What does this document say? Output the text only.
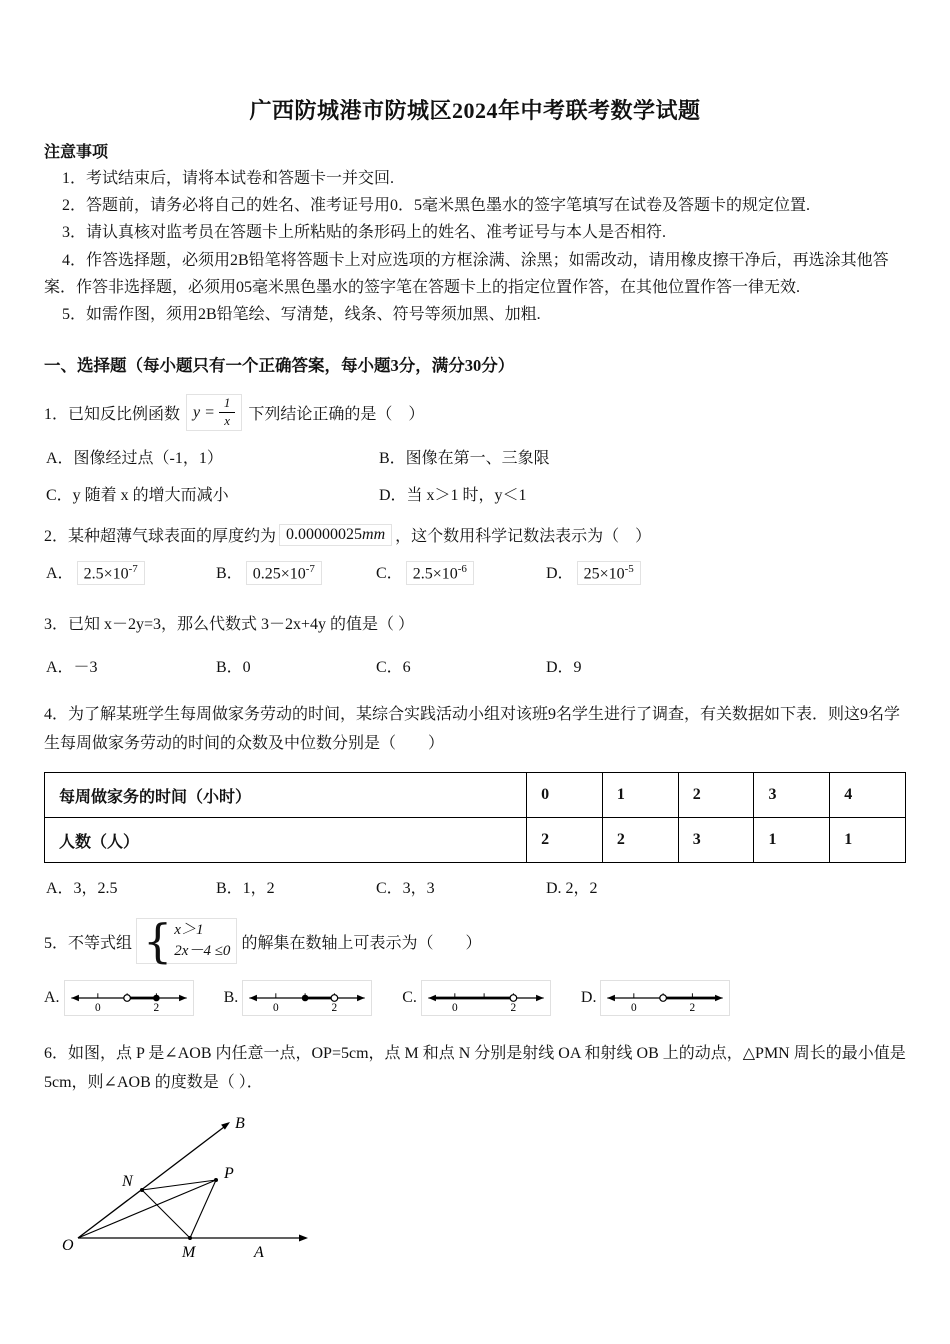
广西防城港市防城区2024年中考联考数学试题
注意事项

1．考试结束后，请将本试卷和答题卡一并交回.

2．答题前，请务必将自己的姓名、准考证号用0．5毫米黑色墨水的签字笔填写在试卷及答题卡的规定位置.

3．请认真核对监考员在答题卡上所粘贴的条形码上的姓名、准考证号与本人是否相符.

4．作答选择题，必须用2B铅笔将答题卡上对应选项的方框涂满、涂黑；如需改动，请用橡皮擦干净后，再选涂其他答案．作答非选择题，必须用05毫米黑色墨水的签字笔在答题卡上的指定位置作答，在其他位置作答一律无效.

5．如需作图，须用2B铅笔绘、写清楚，线条、符号等须加黑、加粗.

一、选择题（每小题只有一个正确答案，每小题3分，满分30分）

1．已知反比例函数 $y = \frac{1}{x}$ 下列结论正确的是（　）
A．图像经过点（-1，1）	B．图像在第一、三象限
C．y 随着 x 的增大而减小	D．当 x＞1 时，y＜1
2．某种超薄气球表面的厚度约为 0.00000025mm ，这个数用科学记数法表示为（　）
A． $2.5\times 10^{-7}$	B． $0.25\times 10^{-7}$	C． $2.5\times 10^{-6}$	D． $25\times 10^{-5}$

3．已知 x－2y=3，那么代数式 3－2x+4y 的值是（ ）

A．－3	B．0	C．6	D．9

4．为了解某班学生每周做家务劳动的时间，某综合实践活动小组对该班9名学生进行了调查，有关数据如下表．则这9名学生每周做家务劳动的时间的众数及中位数分别是（　　）

每周做家务的时间（小时）	0	1	2	3	4
人数（人）	2	2	3	1	1
A．3，2.5	B．1，2	C．3，3	D. 2，2
5．不等式组 { x＞1
2x－4 ≤0 的解集在数轴上可表示为（　　）
A.
0	2
B.
0	2
C.
0	2
D.
0	2

6．如图，点 P 是∠AOB 内任意一点，OP=5cm，点 M 和点 N 分别是射线 OA 和射线 OB 上的动点，△PMN 周长的最小值是 5cm，则∠AOB 的度数是（ ）．

O
B
N	P
M	A
